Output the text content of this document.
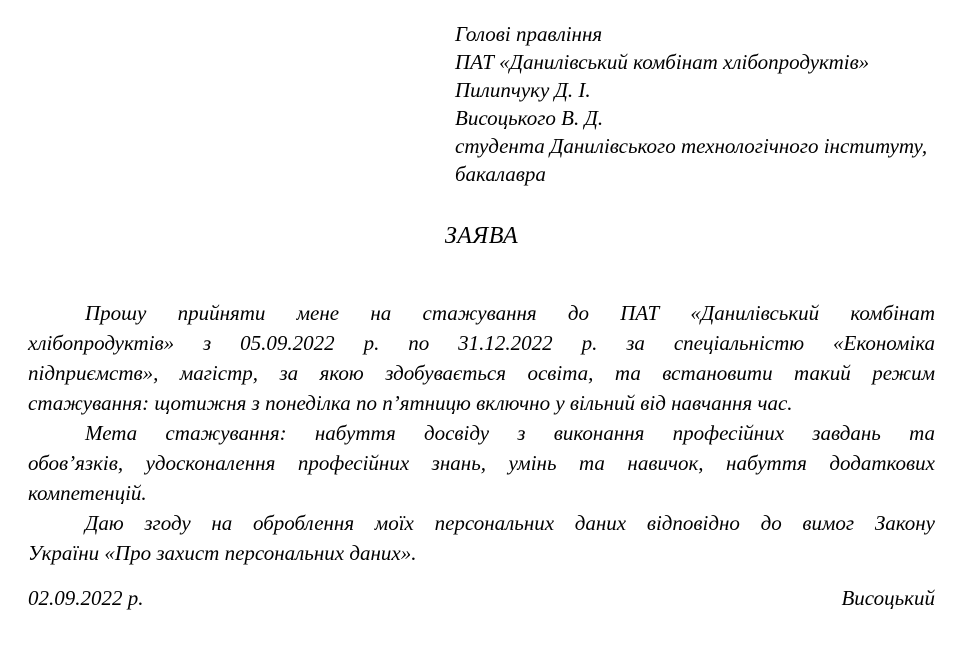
Голові правління
ПАТ «Данилівський комбінат хлібопродуктів»
Пилипчуку Д. І.
Висоцького В. Д.
студента Данилівського технологічного інституту,
бакалавра
ЗАЯВА
Прошу прийняти мене на стажування до ПАТ «Данилівський комбінат
хлібопродуктів» з 05.09.2022 р. по 31.12.2022 р. за спеціальністю «Економіка
підприємств», магістр, за якою здобувається освіта, та встановити такий режим
стажування: щотижня з понеділка по п’ятницю включно у вільний від навчання час.
Мета стажування: набуття досвіду з виконання професійних завдань та
обов’язків, удосконалення професійних знань, умінь та навичок, набуття додаткових
компетенцій.
Даю згоду на оброблення моїх персональних даних відповідно до вимог Закону
України «Про захист персональних даних».
02.09.2022 р.	Висоцький
